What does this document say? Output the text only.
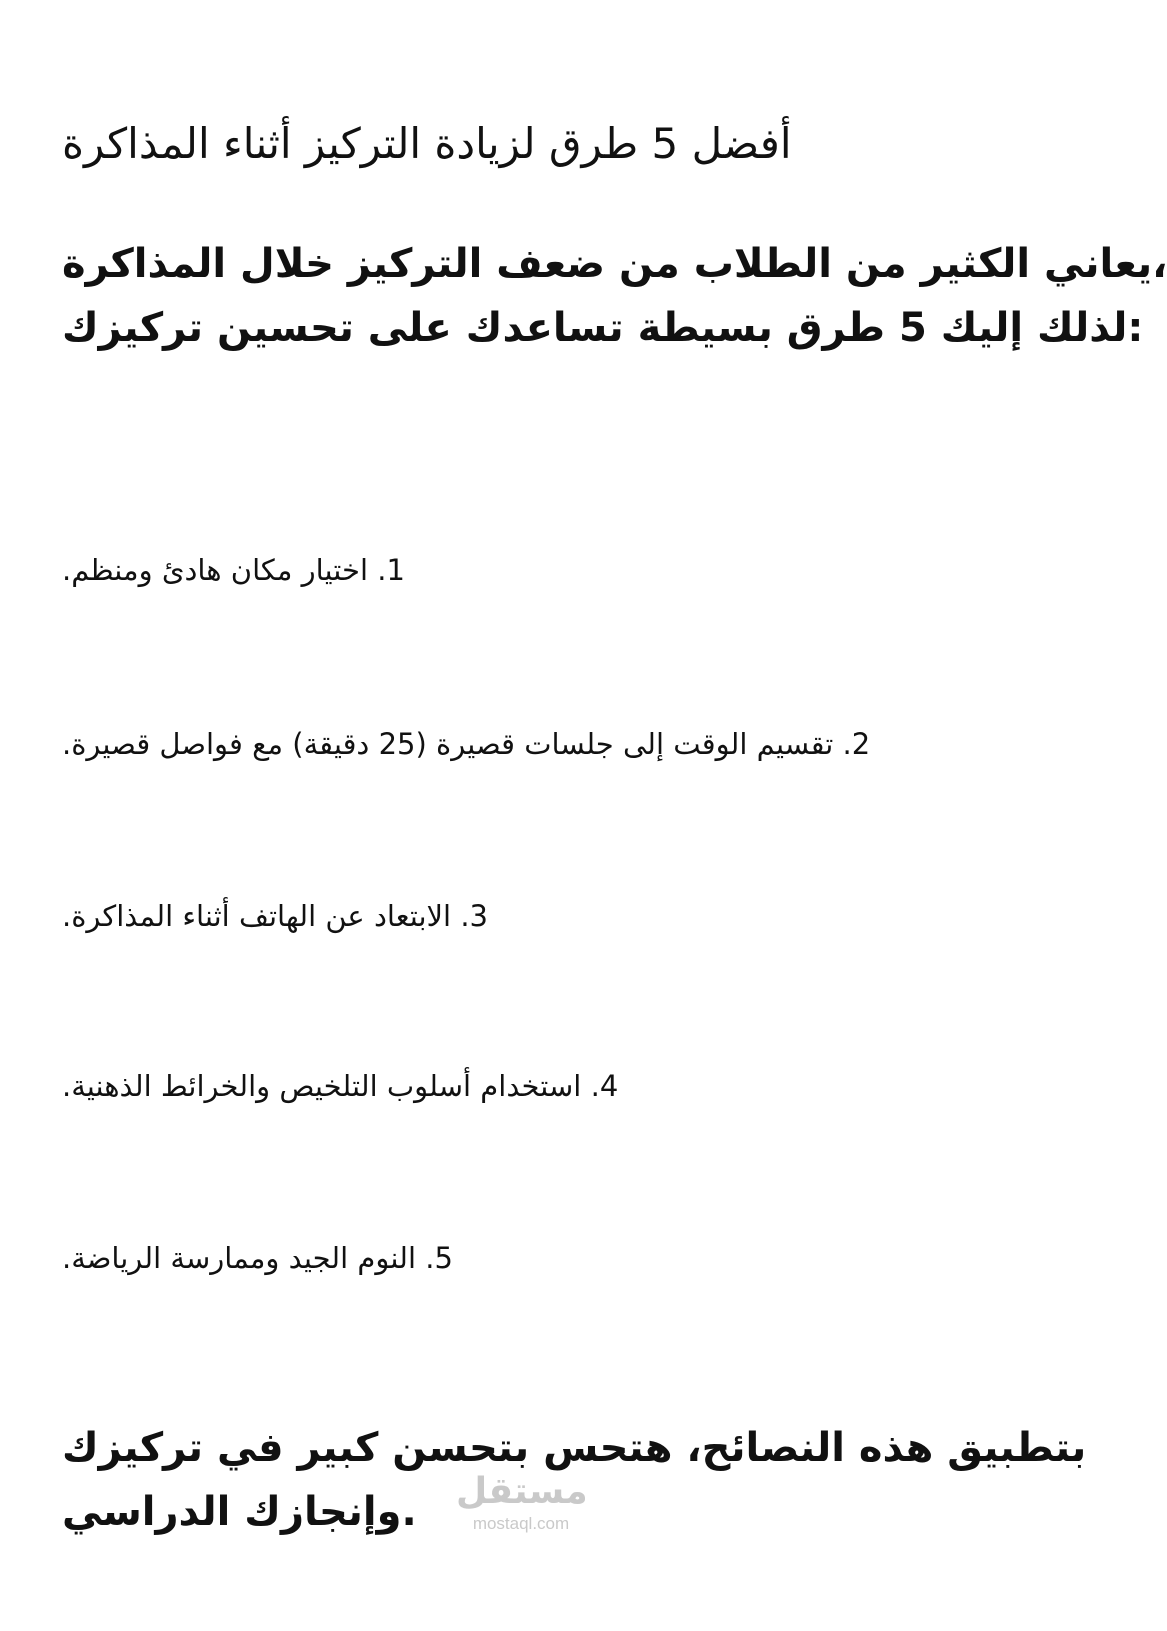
أفضل 5 طرق لزيادة التركيز أثناء المذاكرة
يعاني الكثير من الطلاب من ضعف التركيز خلال المذاكرة،
لذلك إليك 5 طرق بسيطة تساعدك على تحسين تركيزك:
1. اختيار مكان هادئ ومنظم.
2. تقسيم الوقت إلى جلسات قصيرة (25 دقيقة) مع فواصل قصيرة.
3. الابتعاد عن الهاتف أثناء المذاكرة.
4. استخدام أسلوب التلخيص والخرائط الذهنية.
5. النوم الجيد وممارسة الرياضة.
بتطبيق هذه النصائح، هتحس بتحسن كبير في تركيزك
وإنجازك الدراسي.	مستقل
mostaql.com
